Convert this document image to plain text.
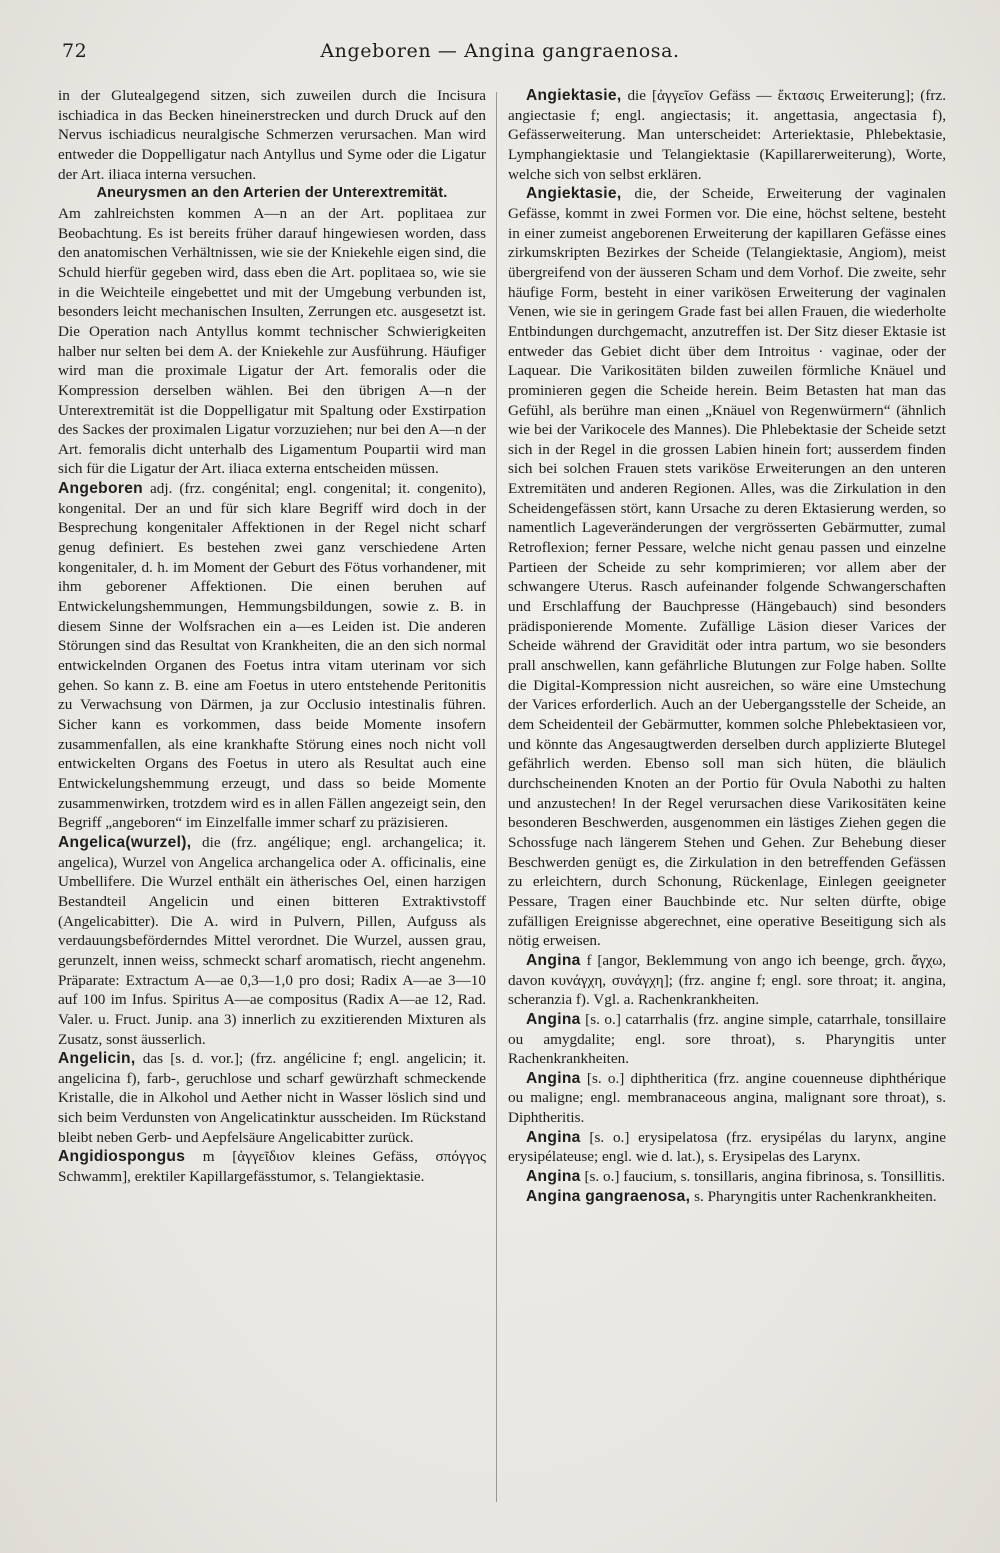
72	Angeboren — Angina gangraenosa.

in der Glutealgegend sitzen, sich zuweilen durch die Incisura ischiadica in das Becken hineinerstrecken und durch Druck auf den Nervus ischiadicus neuralgische Schmerzen verursachen. Man wird entweder die Doppelligatur nach Antyllus und Syme oder die Ligatur der Art. iliaca interna versuchen.

Aneurysmen an den Arterien der Unterextremität.

Am zahlreichsten kommen A—n an der Art. poplitaea zur Beobachtung. Es ist bereits früher darauf hingewiesen worden, dass den anatomischen Verhältnissen, wie sie der Kniekehle eigen sind, die Schuld hierfür gegeben wird, dass eben die Art. poplitaea so, wie sie in die Weichteile eingebettet und mit der Umgebung verbunden ist, besonders leicht mechanischen Insulten, Zerrungen etc. ausgesetzt ist. Die Operation nach Antyllus kommt technischer Schwierigkeiten halber nur selten bei dem A. der Kniekehle zur Ausführung. Häufiger wird man die proximale Ligatur der Art. femoralis oder die Kompression derselben wählen. Bei den übrigen A—n der Unterextremität ist die Doppelligatur mit Spaltung oder Exstirpation des Sackes der proximalen Ligatur vorzuziehen; nur bei den A—n der Art. femoralis dicht unterhalb des Ligamentum Poupartii wird man sich für die Ligatur der Art. iliaca externa entscheiden müssen.

Angeboren adj. (frz. congénital; engl. congenital; it. congenito), kongenital. Der an und für sich klare Begriff wird doch in der Besprechung kongenitaler Affektionen in der Regel nicht scharf genug definiert. Es bestehen zwei ganz verschiedene Arten kongenitaler, d. h. im Moment der Geburt des Fötus vorhandener, mit ihm geborener Affektionen. Die einen beruhen auf Entwickelungshemmungen, Hemmungsbildungen, sowie z. B. in diesem Sinne der Wolfsrachen ein a—es Leiden ist. Die anderen Störungen sind das Resultat von Krankheiten, die an den sich normal entwickelnden Organen des Foetus intra vitam uterinam vor sich gehen. So kann z. B. eine am Foetus in utero entstehende Peritonitis zu Verwachsung von Därmen, ja zur Occlusio intestinalis führen. Sicher kann es vorkommen, dass beide Momente insofern zusammenfallen, als eine krankhafte Störung eines noch nicht voll entwickelten Organs des Foetus in utero als Resultat auch eine Entwickelungshemmung erzeugt, und dass so beide Momente zusammenwirken, trotzdem wird es in allen Fällen angezeigt sein, den Begriff „angeboren“ im Einzelfalle immer scharf zu präzisieren.

Angelica(wurzel), die (frz. angélique; engl. archangelica; it. angelica), Wurzel von Angelica archangelica oder A. officinalis, eine Umbellifere. Die Wurzel enthält ein ätherisches Oel, einen harzigen Bestandteil Angelicin und einen bitteren Extraktivstoff (Angelicabitter). Die A. wird in Pulvern, Pillen, Aufguss als verdauungsbeförderndes Mittel verordnet. Die Wurzel, aussen grau, gerunzelt, innen weiss, schmeckt scharf aromatisch, riecht angenehm. Präparate: Extractum A—ae 0,3—1,0 pro dosi; Radix A—ae 3—10 auf 100 im Infus. Spiritus A—ae compositus (Radix A—ae 12, Rad. Valer. u. Fruct. Junip. ana 3) innerlich zu exzitierenden Mixturen als Zusatz, sonst äusserlich.

Angelicin, das [s. d. vor.]; (frz. angélicine f; engl. angelicin; it. angelicina f), farb-, geruchlose und scharf gewürzhaft schmeckende Kristalle, die in Alkohol und Aether nicht in Wasser löslich sind und sich beim Verdunsten von Angelicatinktur ausscheiden. Im Rückstand bleibt neben Gerb- und Aepfelsäure Angelicabitter zurück.

Angidiospongus m [ἀγγεῖδιον kleines Gefäss, σπόγγος Schwamm], erektiler Kapillargefässtumor, s. Telangiektasie.

Angiektasie, die [ἀγγεῖον Gefäss — ἔκτασις Erweiterung]; (frz. angiectasie f; engl. angiectasis; it. angettasia, angectasia f), Gefässerweiterung. Man unterscheidet: Arteriektasie, Phlebektasie, Lymphangiektasie und Telangiektasie (Kapillarerweiterung), Worte, welche sich von selbst erklären.

Angiektasie, die, der Scheide, Erweiterung der vaginalen Gefässe, kommt in zwei Formen vor. Die eine, höchst seltene, besteht in einer zumeist angeborenen Erweiterung der kapillaren Gefässe eines zirkumskripten Bezirkes der Scheide (Telangiektasie, Angiom), meist übergreifend von der äusseren Scham und dem Vorhof. Die zweite, sehr häufige Form, besteht in einer varikösen Erweiterung der vaginalen Venen, wie sie in geringem Grade fast bei allen Frauen, die wiederholte Entbindungen durchgemacht, anzutreffen ist. Der Sitz dieser Ektasie ist entweder das Gebiet dicht über dem Introitus · vaginae, oder der Laquear. Die Varikositäten bilden zuweilen förmliche Knäuel und prominieren gegen die Scheide herein. Beim Betasten hat man das Gefühl, als berühre man einen „Knäuel von Regenwürmern“ (ähnlich wie bei der Varikocele des Mannes). Die Phlebektasie der Scheide setzt sich in der Regel in die grossen Labien hinein fort; ausserdem finden sich bei solchen Frauen stets variköse Erweiterungen an den unteren Extremitäten und anderen Regionen. Alles, was die Zirkulation in den Scheidengefässen stört, kann Ursache zu deren Ektasierung werden, so namentlich Lageveränderungen der vergrösserten Gebärmutter, zumal Retroflexion; ferner Pessare, welche nicht genau passen und einzelne Partieen der Scheide zu sehr komprimieren; vor allem aber der schwangere Uterus. Rasch aufeinander folgende Schwangerschaften und Erschlaffung der Bauchpresse (Hängebauch) sind besonders prädisponierende Momente. Zufällige Läsion dieser Varices der Scheide während der Gravidität oder intra partum, wo sie besonders prall anschwellen, kann gefährliche Blutungen zur Folge haben. Sollte die Digital-Kompression nicht ausreichen, so wäre eine Umstechung der Varices erforderlich. Auch an der Uebergangsstelle der Scheide, an dem Scheidenteil der Gebärmutter, kommen solche Phlebektasieen vor, und könnte das Angesaugtwerden derselben durch applizierte Blutegel gefährlich werden. Ebenso soll man sich hüten, die bläulich durchscheinenden Knoten an der Portio für Ovula Nabothi zu halten und anzustechen! In der Regel verursachen diese Varikositäten keine besonderen Beschwerden, ausgenommen ein lästiges Ziehen gegen die Schossfuge nach längerem Stehen und Gehen. Zur Behebung dieser Beschwerden genügt es, die Zirkulation in den betreffenden Gefässen zu erleichtern, durch Schonung, Rückenlage, Einlegen geeigneter Pessare, Tragen einer Bauchbinde etc. Nur selten dürfte, obige zufälligen Ereignisse abgerechnet, eine operative Beseitigung sich als nötig erweisen.

Angina f [angor, Beklemmung von ango ich beenge, grch. ἄγχω, davon κυνάγχη, συνάγχη]; (frz. angine f; engl. sore throat; it. angina, scheranzia f). Vgl. a. Rachenkrankheiten.

Angina [s. o.] catarrhalis (frz. angine simple, catarrhale, tonsillaire ou amygdalite; engl. sore throat), s. Pharyngitis unter Rachenkrankheiten.

Angina [s. o.] diphtheritica (frz. angine couenneuse diphthérique ou maligne; engl. membranaceous angina, malignant sore throat), s. Diphtheritis.

Angina [s. o.] erysipelatosa (frz. erysipélas du larynx, angine erysipélateuse; engl. wie d. lat.), s. Erysipelas des Larynx.

Angina [s. o.] faucium, s. tonsillaris, angina fibrinosa, s. Tonsillitis.

Angina gangraenosa, s. Pharyngitis unter Rachenkrankheiten.
